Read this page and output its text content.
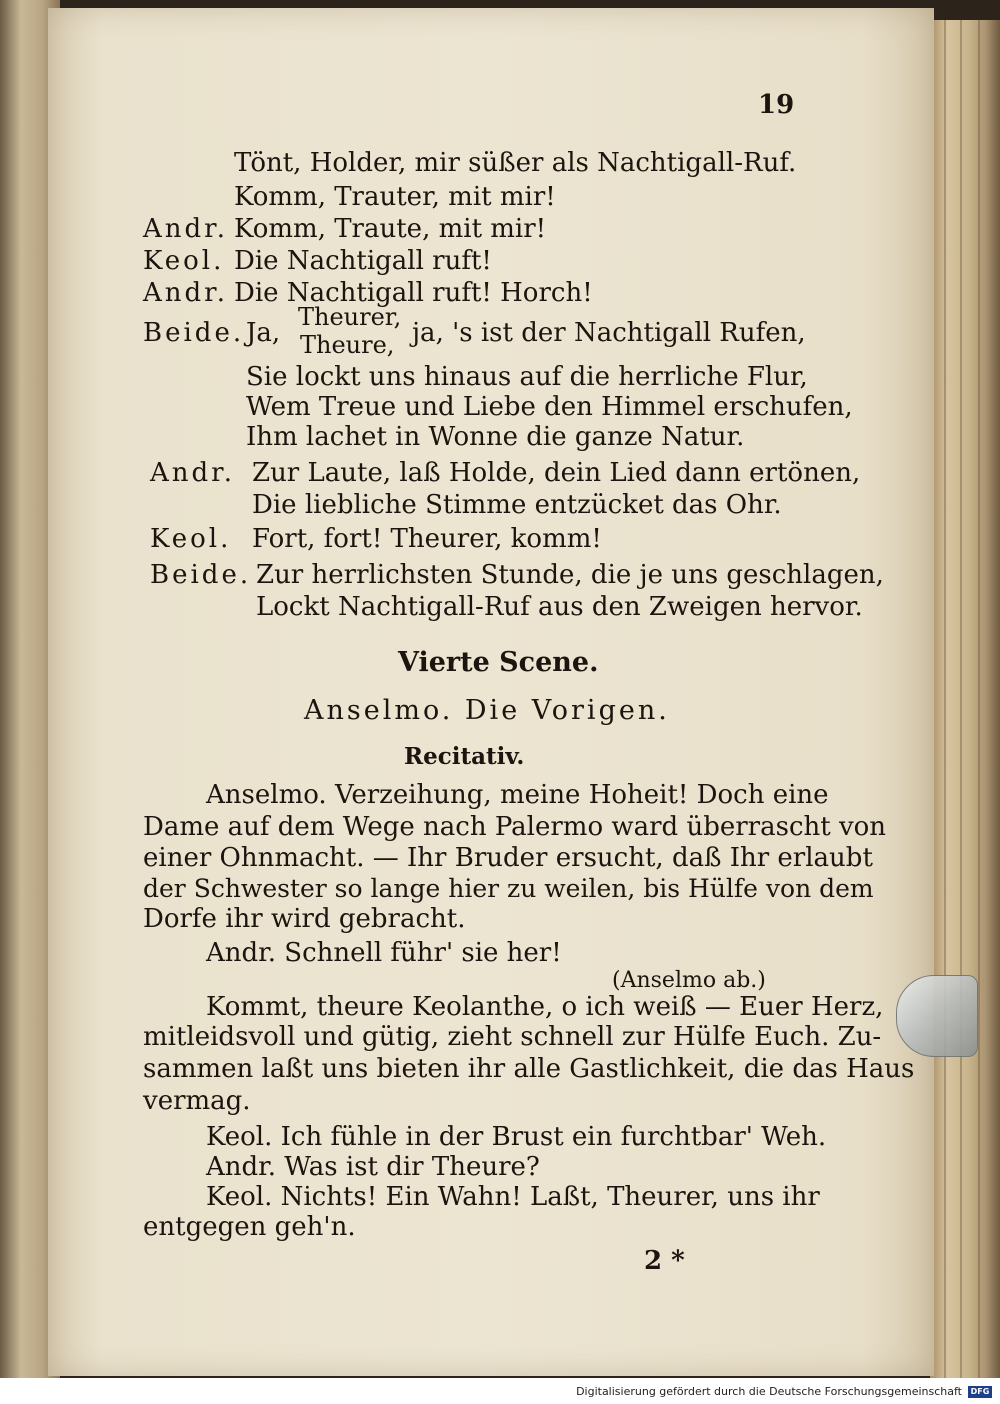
19
Tönt, Holder, mir süßer als Nachtigall-Ruf.
Komm, Trauter, mit mir!
Andr. Komm, Traute, mit mir!
Keol. Die Nachtigall ruft!
Andr. Die Nachtigall ruft! Horch!
Beide. Ja,
Theurer,
Theure, ja, 's ist der Nachtigall Rufen,
Sie lockt uns hinaus auf die herrliche Flur,
Wem Treue und Liebe den Himmel erschufen,
Ihm lachet in Wonne die ganze Natur.
Andr. Zur Laute, laß Holde, dein Lied dann ertönen,
Die liebliche Stimme entzücket das Ohr.
Keol. Fort, fort! Theurer, komm!
Beide. Zur herrlichsten Stunde, die je uns geschlagen,
Lockt Nachtigall-Ruf aus den Zweigen hervor.
Vierte Scene.
Anselmo. Die Vorigen.
Recitativ.
Anselmo. Verzeihung, meine Hoheit! Doch eine
Dame auf dem Wege nach Palermo ward überrascht von
einer Ohnmacht. — Ihr Bruder ersucht, daß Ihr erlaubt
der Schwester so lange hier zu weilen, bis Hülfe von dem
Dorfe ihr wird gebracht.
Andr. Schnell führ' sie her!
(Anselmo ab.)
Kommt, theure Keolanthe, o ich weiß — Euer Herz,
mitleidsvoll und gütig, zieht schnell zur Hülfe Euch. Zu-
sammen laßt uns bieten ihr alle Gastlichkeit, die das Haus
vermag.
Keol. Ich fühle in der Brust ein furchtbar' Weh.
Andr. Was ist dir Theure?
Keol. Nichts! Ein Wahn! Laßt, Theurer, uns ihr
entgegen geh'n.
2 *
Digitalisierung gefördert durch die Deutsche Forschungsgemeinschaft	DFG
